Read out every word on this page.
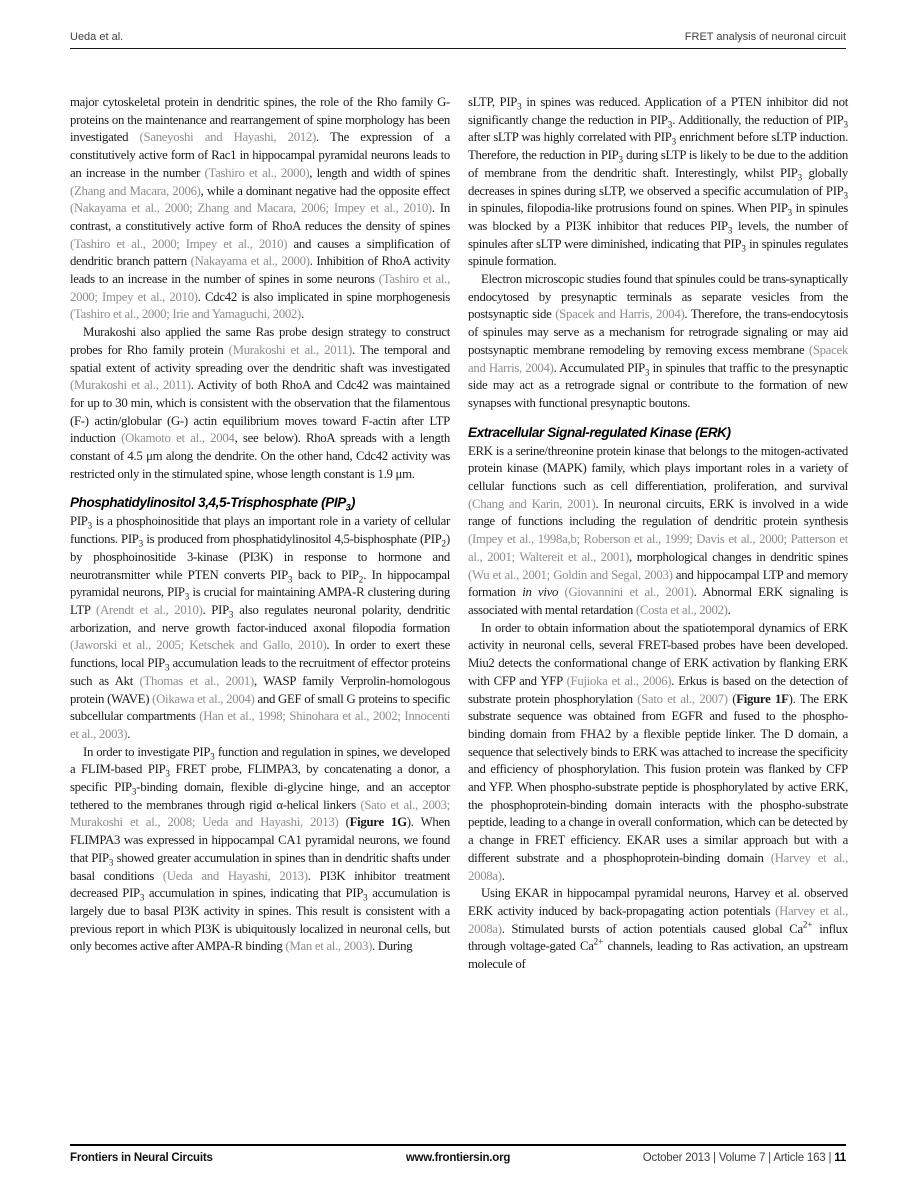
Ueda et al.	FRET analysis of neuronal circuit

major cytoskeletal protein in dendritic spines, the role of the Rho family G-proteins on the maintenance and rearrangement of spine morphology has been investigated (Saneyoshi and Hayashi, 2012). The expression of a constitutively active form of Rac1 in hippocampal pyramidal neurons leads to an increase in the number (Tashiro et al., 2000), length and width of spines (Zhang and Macara, 2006), while a dominant negative had the opposite effect (Nakayama et al., 2000; Zhang and Macara, 2006; Impey et al., 2010). In contrast, a constitutively active form of RhoA reduces the density of spines (Tashiro et al., 2000; Impey et al., 2010) and causes a simplification of dendritic branch pattern (Nakayama et al., 2000). Inhibition of RhoA activity leads to an increase in the number of spines in some neurons (Tashiro et al., 2000; Impey et al., 2010). Cdc42 is also implicated in spine morphogenesis (Tashiro et al., 2000; Irie and Yamaguchi, 2002).

Murakoshi also applied the same Ras probe design strategy to construct probes for Rho family protein (Murakoshi et al., 2011). The temporal and spatial extent of activity spreading over the dendritic shaft was investigated (Murakoshi et al., 2011). Activity of both RhoA and Cdc42 was maintained for up to 30 min, which is consistent with the observation that the filamentous (F-) actin/globular (G-) actin equilibrium moves toward F-actin after LTP induction (Okamoto et al., 2004, see below). RhoA spreads with a length constant of 4.5 μm along the dendrite. On the other hand, Cdc42 activity was restricted only in the stimulated spine, whose length constant is 1.9 μm.

Phosphatidylinositol 3,4,5-Trisphosphate $(PIP_3)$

$PIP_3$ is a phosphoinositide that plays an important role in a variety of cellular functions. $PIP_3$ is produced from phosphatidylinositol 4,5-bisphosphate $(PIP_2)$ by phosphoinositide 3-kinase (PI3K) in response to hormone and neurotransmitter while PTEN converts $PIP_3$ back to $PIP_2$. In hippocampal pyramidal neurons, $PIP_3$ is crucial for maintaining AMPA-R clustering during LTP (Arendt et al., 2010). $PIP_3$ also regulates neuronal polarity, dendritic arborization, and nerve growth factor-induced axonal filopodia formation (Jaworski et al., 2005; Ketschek and Gallo, 2010). In order to exert these functions, local $PIP_3$ accumulation leads to the recruitment of effector proteins such as Akt (Thomas et al., 2001), WASP family Verprolin-homologous protein (WAVE) (Oikawa et al., 2004) and GEF of small G proteins to specific subcellular compartments (Han et al., 1998; Shinohara et al., 2002; Innocenti et al., 2003).

In order to investigate $PIP_3$ function and regulation in spines, we developed a FLIM-based $PIP_3$ FRET probe, FLIMPA3, by concatenating a donor, a specific $PIP_3$-binding domain, flexible di-glycine hinge, and an acceptor tethered to the membranes through rigid α-helical linkers (Sato et al., 2003; Murakoshi et al., 2008; Ueda and Hayashi, 2013) (Figure 1G). When FLIMPA3 was expressed in hippocampal CA1 pyramidal neurons, we found that $PIP_3$ showed greater accumulation in spines than in dendritic shafts under basal conditions (Ueda and Hayashi, 2013). PI3K inhibitor treatment decreased $PIP_3$ accumulation in spines, indicating that $PIP_3$ accumulation is largely due to basal PI3K activity in spines. This result is consistent with a previous report in which PI3K is ubiquitously localized in neuronal cells, but only becomes active after AMPA-R binding (Man et al., 2003). During

sLTP, $PIP_3$ in spines was reduced. Application of a PTEN inhibitor did not significantly change the reduction in $PIP_3$. Additionally, the reduction of $PIP_3$ after sLTP was highly correlated with $PIP_3$ enrichment before sLTP induction. Therefore, the reduction in $PIP_3$ during sLTP is likely to be due to the addition of membrane from the dendritic shaft. Interestingly, whilst $PIP_3$ globally decreases in spines during sLTP, we observed a specific accumulation of $PIP_3$ in spinules, filopodia-like protrusions found on spines. When $PIP_3$ in spinules was blocked by a PI3K inhibitor that reduces $PIP_3$ levels, the number of spinules after sLTP were diminished, indicating that $PIP_3$ in spinules regulates spinule formation.

Electron microscopic studies found that spinules could be trans-synaptically endocytosed by presynaptic terminals as separate vesicles from the postsynaptic side (Spacek and Harris, 2004). Therefore, the trans-endocytosis of spinules may serve as a mechanism for retrograde signaling or may aid postsynaptic membrane remodeling by removing excess membrane (Spacek and Harris, 2004). Accumulated $PIP_3$ in spinules that traffic to the presynaptic side may act as a retrograde signal or contribute to the formation of new synapses with functional presynaptic boutons.

Extracellular Signal-regulated Kinase (ERK)

ERK is a serine/threonine protein kinase that belongs to the mitogen-activated protein kinase (MAPK) family, which plays important roles in a variety of cellular functions such as cell differentiation, proliferation, and survival (Chang and Karin, 2001). In neuronal circuits, ERK is involved in a wide range of functions including the regulation of dendritic protein synthesis (Impey et al., 1998a,b; Roberson et al., 1999; Davis et al., 2000; Patterson et al., 2001; Waltereit et al., 2001), morphological changes in dendritic spines (Wu et al., 2001; Goldin and Segal, 2003) and hippocampal LTP and memory formation in vivo (Giovannini et al., 2001). Abnormal ERK signaling is associated with mental retardation (Costa et al., 2002).

In order to obtain information about the spatiotemporal dynamics of ERK activity in neuronal cells, several FRET-based probes have been developed. Miu2 detects the conformational change of ERK activation by flanking ERK with CFP and YFP (Fujioka et al., 2006). Erkus is based on the detection of substrate protein phosphorylation (Sato et al., 2007) (Figure 1F). The ERK substrate sequence was obtained from EGFR and fused to the phospho-binding domain from FHA2 by a flexible peptide linker. The D domain, a sequence that selectively binds to ERK was attached to increase the specificity and efficiency of phosphorylation. This fusion protein was flanked by CFP and YFP. When phospho-substrate peptide is phosphorylated by active ERK, the phosphoprotein-binding domain interacts with the phospho-substrate peptide, leading to a change in overall conformation, which can be detected by a change in FRET efficiency. EKAR uses a similar approach but with a different substrate and a phosphoprotein-binding domain (Harvey et al., 2008a).

Using EKAR in hippocampal pyramidal neurons, Harvey et al. observed ERK activity induced by back-propagating action potentials (Harvey et al., 2008a). Stimulated bursts of action potentials caused global $Ca^{2+}$ influx through voltage-gated $Ca^{2+}$ channels, leading to Ras activation, an upstream molecule of

Frontiers in Neural Circuits	www.frontiersin.org	October 2013 | Volume 7 | Article 163 | 11
